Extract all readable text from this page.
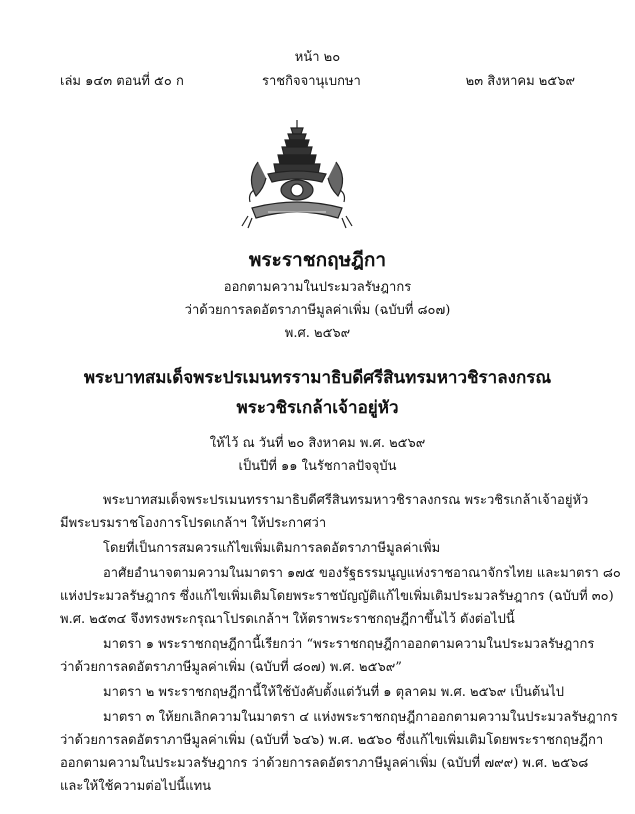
หน้า ๒๐
เล่ม ๑๔๓ ตอนที่ ๕๐ ก	ราชกิจจานุเบกษา	๒๓ สิงหาคม ๒๕๖๙
พระราชกฤษฎีกา
ออกตามความในประมวลรัษฎากร
ว่าด้วยการลดอัตราภาษีมูลค่าเพิ่ม (ฉบับที่ ๘๐๗)
พ.ศ. ๒๕๖๙
พระบาทสมเด็จพระปรเมนทรรามาธิบดีศรีสินทรมหาวชิราลงกรณ
พระวชิรเกล้าเจ้าอยู่หัว
ให้ไว้ ณ วันที่ ๒๐ สิงหาคม พ.ศ. ๒๕๖๙
เป็นปีที่ ๑๑ ในรัชกาลปัจจุบัน
พระบาทสมเด็จพระปรเมนทรรามาธิบดีศรีสินทรมหาวชิราลงกรณ พระวชิรเกล้าเจ้าอยู่หัว
มีพระบรมราชโองการโปรดเกล้าฯ ให้ประกาศว่า
โดยที่เป็นการสมควรแก้ไขเพิ่มเติมการลดอัตราภาษีมูลค่าเพิ่ม
อาศัยอำนาจตามความในมาตรา ๑๗๕ ของรัฐธรรมนูญแห่งราชอาณาจักรไทย และมาตรา ๘๐
แห่งประมวลรัษฎากร ซึ่งแก้ไขเพิ่มเติมโดยพระราชบัญญัติแก้ไขเพิ่มเติมประมวลรัษฎากร (ฉบับที่ ๓๐)
พ.ศ. ๒๕๓๔ จึงทรงพระกรุณาโปรดเกล้าฯ ให้ตราพระราชกฤษฎีกาขึ้นไว้ ดังต่อไปนี้
มาตรา ๑ พระราชกฤษฎีกานี้เรียกว่า “พระราชกฤษฎีกาออกตามความในประมวลรัษฎากร
ว่าด้วยการลดอัตราภาษีมูลค่าเพิ่ม (ฉบับที่ ๘๐๗) พ.ศ. ๒๕๖๙”
มาตรา ๒ พระราชกฤษฎีกานี้ให้ใช้บังคับตั้งแต่วันที่ ๑ ตุลาคม พ.ศ. ๒๕๖๙ เป็นต้นไป
มาตรา ๓ ให้ยกเลิกความในมาตรา ๔ แห่งพระราชกฤษฎีกาออกตามความในประมวลรัษฎากร
ว่าด้วยการลดอัตราภาษีมูลค่าเพิ่ม (ฉบับที่ ๖๔๖) พ.ศ. ๒๕๖๐ ซึ่งแก้ไขเพิ่มเติมโดยพระราชกฤษฎีกา
ออกตามความในประมวลรัษฎากร ว่าด้วยการลดอัตราภาษีมูลค่าเพิ่ม (ฉบับที่ ๗๙๙) พ.ศ. ๒๕๖๘
และให้ใช้ความต่อไปนี้แทน
